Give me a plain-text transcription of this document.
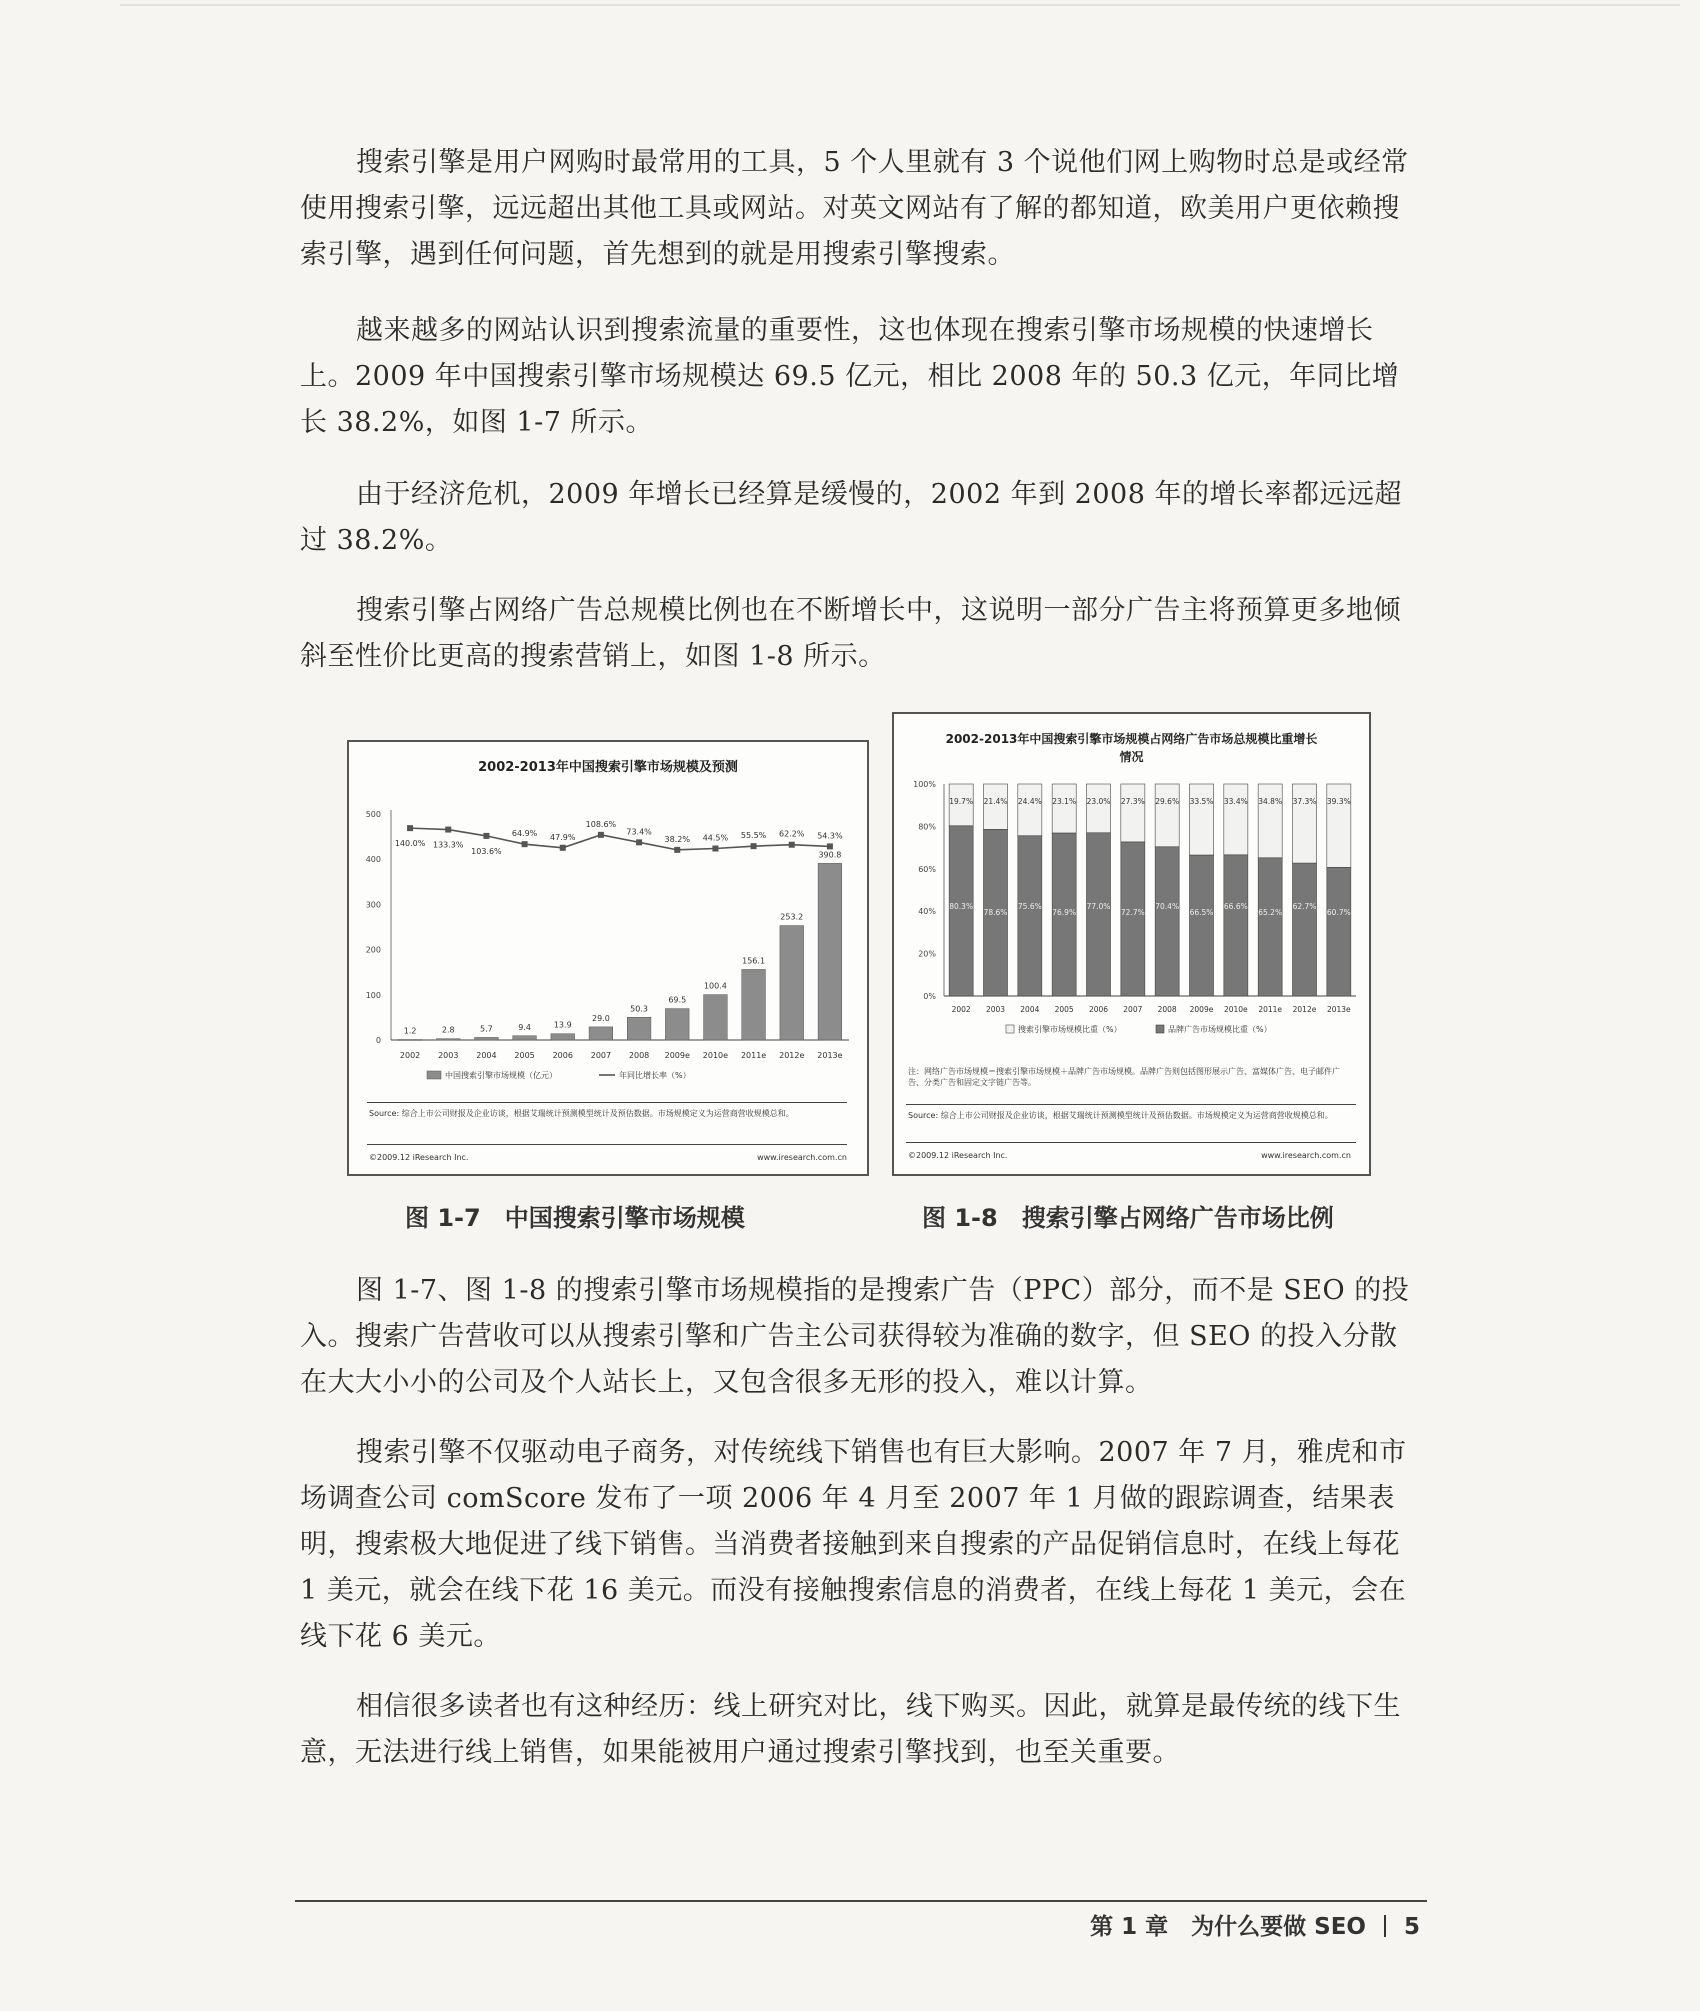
搜索引擎是用户网购时最常用的工具，5 个人里就有 3 个说他们网上购物时总是或经常使用搜索引擎，远远超出其他工具或网站。对英文网站有了解的都知道，欧美用户更依赖搜索引擎，遇到任何问题，首先想到的就是用搜索引擎搜索。

越来越多的网站认识到搜索流量的重要性，这也体现在搜索引擎市场规模的快速增长上。2009 年中国搜索引擎市场规模达 69.5 亿元，相比 2008 年的 50.3 亿元，年同比增长 38.2%，如图 1-7 所示。

由于经济危机，2009 年增长已经算是缓慢的，2002 年到 2008 年的增长率都远远超过 38.2%。

搜索引擎占网络广告总规模比例也在不断增长中，这说明一部分广告主将预算更多地倾斜至性价比更高的搜索营销上，如图 1-8 所示。

2002-2013年中国搜索引擎市场规模及预测
0
100
200
300
400
500
1.2
2002
2.8
2003
5.7
2004
9.4
2005
13.9
2006
29.0
2007
50.3
2008
69.5
2009e
100.4
2010e
156.1
2011e
253.2
2012e
390.8
2013e
140.0% 133.3%
103.6%
64.9% 47.9%
108.6%
73.4%
38.2% 44.5% 55.5% 62.2% 54.3%
中国搜索引擎市场规模（亿元）	年同比增长率（%）
Source: 综合上市公司财报及企业访谈，根据艾瑞统计预测模型统计及预估数据。市场规模定义为运营商营收规模总和。
©2009.12 iResearch Inc.	www.iresearch.com.cn
2002-2013年中国搜索引擎市场规模占网络广告市场总规模比重增长情况
0%
20%
40%
60%
80%
100%
19.7%
80.3%
2002
21.4%
78.6%
2003
24.4%
75.6%
2004
23.1%
76.9%
2005
23.0%
77.0%
2006
27.3%
72.7%
2007
29.6%
70.4%
2008
33.5%
66.5%
2009e
33.4%
66.6%
2010e
34.8%
65.2%
2011e
37.3%
62.7%
2012e
39.3%
60.7%
2013e
搜索引擎市场规模比重（%）	品牌广告市场规模比重（%）
注：网络广告市场规模＝搜索引擎市场规模＋品牌广告市场规模。品牌广告则包括图形展示广告、富媒体广告、电子邮件广告、分类广告和固定文字链广告等。
Source: 综合上市公司财报及企业访谈，根据艾瑞统计预测模型统计及预估数据。市场规模定义为运营商营收规模总和。
©2009.12 iResearch Inc.	www.iresearch.com.cn
图 1-7　中国搜索引擎市场规模	图 1-8　搜索引擎占网络广告市场比例

图 1-7、图 1-8 的搜索引擎市场规模指的是搜索广告（PPC）部分，而不是 SEO 的投入。搜索广告营收可以从搜索引擎和广告主公司获得较为准确的数字，但 SEO 的投入分散在大大小小的公司及个人站长上，又包含很多无形的投入，难以计算。

搜索引擎不仅驱动电子商务，对传统线下销售也有巨大影响。2007 年 7 月，雅虎和市场调查公司 comScore 发布了一项 2006 年 4 月至 2007 年 1 月做的跟踪调查，结果表明，搜索极大地促进了线下销售。当消费者接触到来自搜索的产品促销信息时，在线上每花 1 美元，就会在线下花 16 美元。而没有接触搜索信息的消费者，在线上每花 1 美元，会在线下花 6 美元。

相信很多读者也有这种经历：线上研究对比，线下购买。因此，就算是最传统的线下生意，无法进行线上销售，如果能被用户通过搜索引擎找到，也至关重要。

第 1 章　为什么要做 SEO 5
